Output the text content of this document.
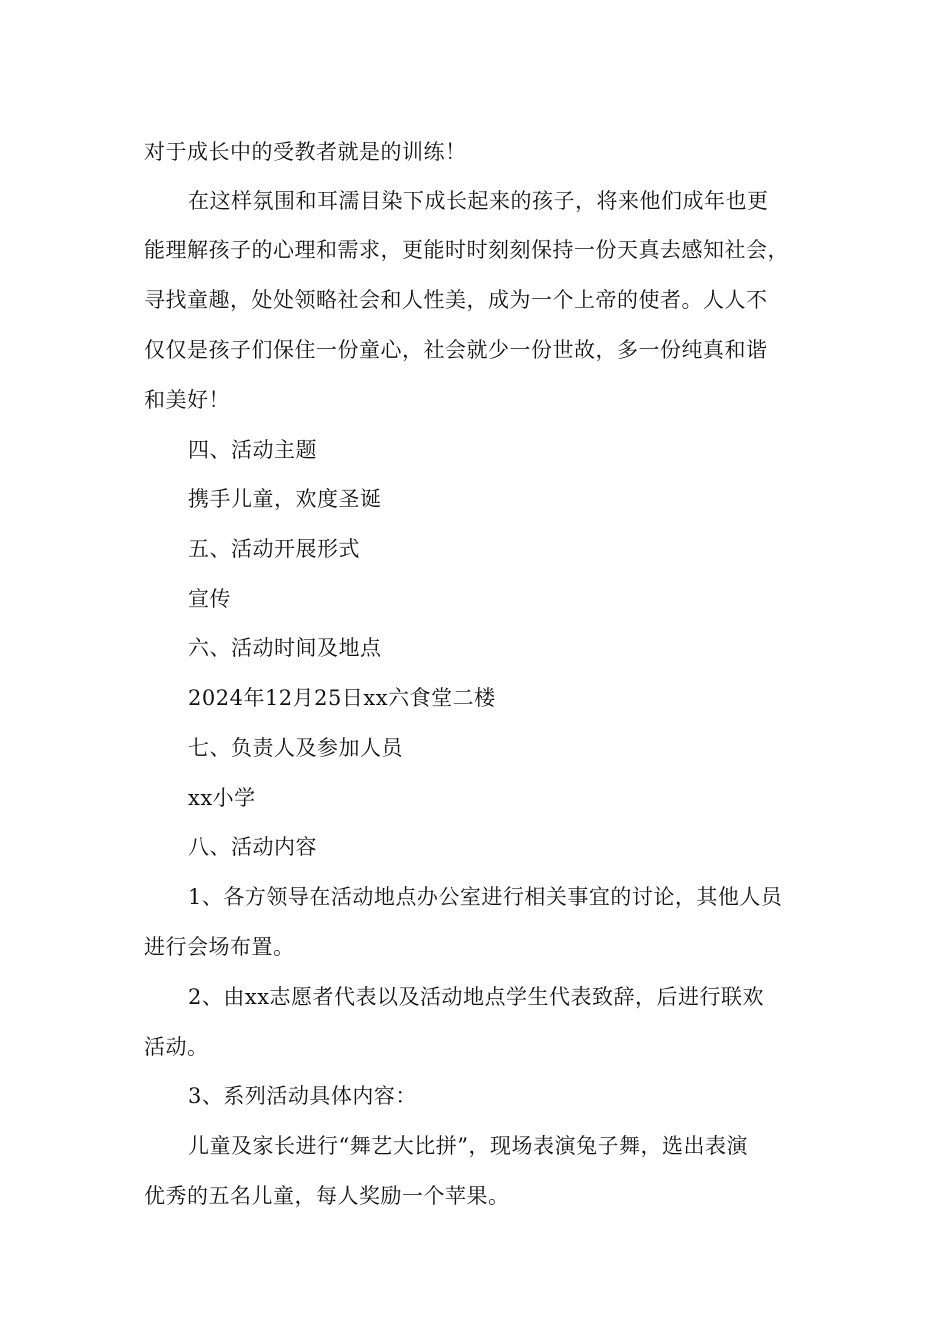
对于成长中的受教者就是的训练！
在这样氛围和耳濡目染下成长起来的孩子，将来他们成年也更
能理解孩子的心理和需求，更能时时刻刻保持一份天真去感知社会，
寻找童趣，处处领略社会和人性美，成为一个上帝的使者。人人不
仅仅是孩子们保住一份童心，社会就少一份世故，多一份纯真和谐
和美好！
四、活动主题
携手儿童，欢度圣诞
五、活动开展形式
宣传
六、活动时间及地点
2024年12月25日xx六食堂二楼
七、负责人及参加人员
xx小学
八、活动内容
1、各方领导在活动地点办公室进行相关事宜的讨论，其他人员
进行会场布置。
2、由xx志愿者代表以及活动地点学生代表致辞，后进行联欢
活动。
3、系列活动具体内容：
儿童及家长进行“舞艺大比拼”，现场表演兔子舞，选出表演
优秀的五名儿童，每人奖励一个苹果。
